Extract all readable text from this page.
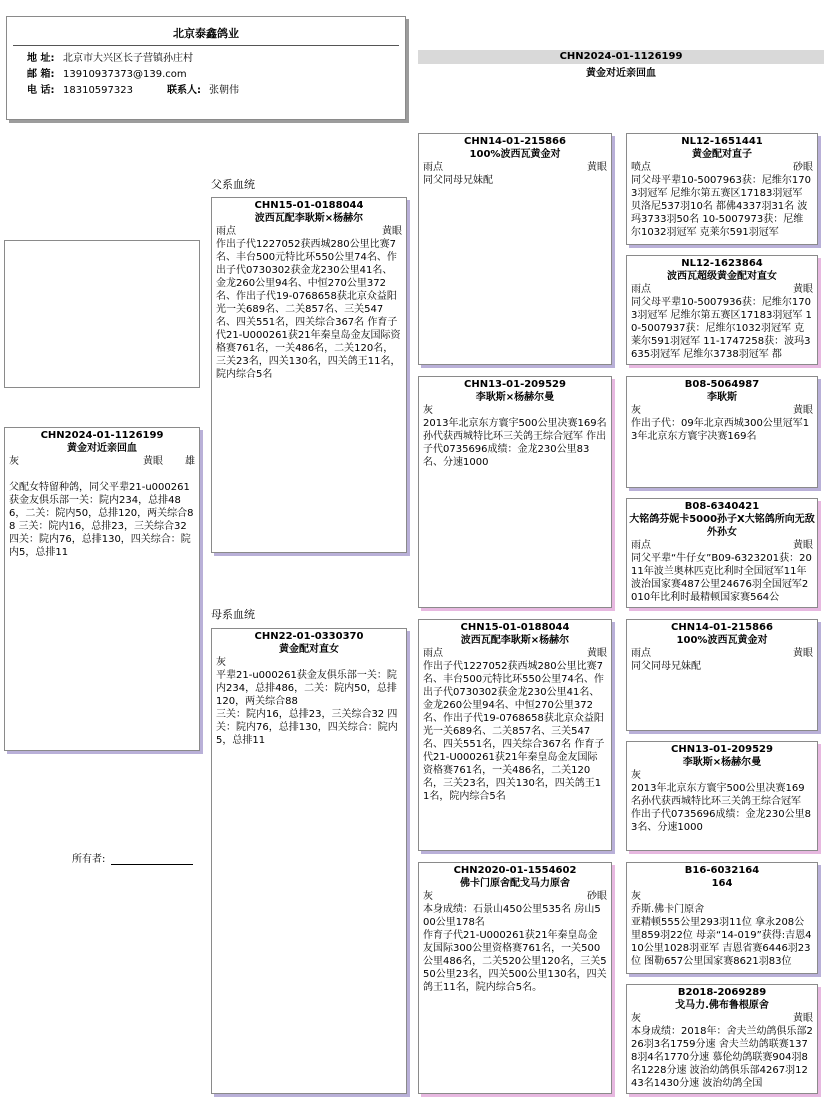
北京泰鑫鸽业
地 址: 北京市大兴区长子营镇孙庄村
邮 箱: 13910937373@139.com
电 话: 18310597323	联系人: 张朝伟
CHN2024-01-1126199
黄金对近亲回血
父系血统
母系血统
所有者:
CHN2024-01-1126199
黄金对近亲回血
灰	黄眼 雄
父配女特留种鸽，同父平辈21-u000261获金友俱乐部一关：院内234，总排486，二关：院内50，总排120，两关综合88 三关：院内16，总排23，三关综合32 四关：院内76，总排130，四关综合：院内5，总排11
CHN15-01-0188044
波西瓦配李耿斯×杨赫尔
雨点	黄眼
作出子代1227052获西城280公里比赛7名、丰台500元特比环550公里74名、作出子代0730302获金龙230公里41名、金龙260公里94名、中恒270公里372名、作出子代19-0768658获北京众益阳光一关689名、二关857名、三关547名、四关551名，四关综合367名 作育子代21-U000261获21年秦皇岛金友国际资格赛761名，一关486名，二关120名，三关23名，四关130名，四关鸽王11名，院内综合5名
CHN22-01-0330370
黄金配对直女
灰
平辈21-u000261获金友俱乐部一关：院内234，总排486，二关：院内50，总排120，两关综合88
三关：院内16，总排23，三关综合32 四关：院内76，总排130，四关综合：院内5，总排11
CHN14-01-215866
100%波西瓦黄金对
雨点	黄眼
同父同母兄妹配
CHN13-01-209529
李耿斯×杨赫尔曼
灰
2013年北京东方寰宇500公里决赛169名孙代获西城特比环三关鸽王综合冠军 作出子代0735696成绩：金龙230公里83名、分速1000
CHN15-01-0188044
波西瓦配李耿斯×杨赫尔
雨点	黄眼
作出子代1227052获西城280公里比赛7名、丰台500元特比环550公里74名、作出子代0730302获金龙230公里41名、金龙260公里94名、中恒270公里372名、作出子代19-0768658获北京众益阳光一关689名、二关857名、三关547名、四关551名，四关综合367名 作育子代21-U000261获21年秦皇岛金友国际资格赛761名，一关486名，二关120名，三关23名，四关130名，四关鸽王11名，院内综合5名
CHN2020-01-1554602
佛卡门原舍配戈马力原舍
灰	砂眼
本身成绩：石景山450公里535名 房山500公里178名
作育子代21-U000261获21年秦皇岛金友国际300公里资格赛761名，一关500公里486名，二关520公里120名，三关550公里23名，四关500公里130名，四关鸽王11名，院内综合5名。
NL12-1651441
黄金配对直子
喷点	砂眼
同父母平辈10-5007963获：尼维尔1703羽冠军 尼维尔第五赛区17183羽冠军 贝洛尼537羽10名 都佛4337羽31名 波玛3733羽50名 10-5007973获：尼维尔1032羽冠军 克莱尔591羽冠军
NL12-1623864
波西瓦超级黄金配对直女
雨点	黄眼
同父母平辈10-5007936获：尼维尔1703羽冠军 尼维尔第五赛区17183羽冠军 10-5007937获：尼维尔1032羽冠军 克莱尔591羽冠军 11-1747258获：波玛3635羽冠军 尼维尔3738羽冠军 都
B08-5064987
李耿斯
灰	黄眼
作出子代：09年北京西城300公里冠军13年北京东方寰宇决赛169名
B08-6340421
大铭鸽芬妮卡5000孙子X大铭鸽所向无敌外孙女
雨点	黄眼
同父平辈“牛仔女”B09-6323201获：2011年波兰奥林匹克比利时全国冠军11年波治国家赛487公里24676羽全国冠军2010年比利时最精顿国家赛564公
CHN14-01-215866
100%波西瓦黄金对
雨点	黄眼
同父同母兄妹配
CHN13-01-209529
李耿斯×杨赫尔曼
灰
2013年北京东方寰宇500公里决赛169名孙代获西城特比环三关鸽王综合冠军 作出子代0735696成绩：金龙230公里83名、分速1000
B16-6032164
164
灰
乔斯.佛卡门原舍
亚精顿555公里293羽11位 拿永208公里859羽22位 母亲“14-019”获得:吉恩410公里1028羽亚军 吉恩省赛6446羽23位 图勒657公里国家赛8621羽83位
B2018-2069289
戈马力.佛布鲁根原舍
灰	黄眼
本身成绩：2018年：舍夫兰幼鸽俱乐部226羽3名1759分速 舍夫兰幼鸽联赛1378羽4名1770分速 慕伦幼鸽联赛904羽8名1228分速 波治幼鸽俱乐部4267羽1243名1430分速 波治幼鸽全国
